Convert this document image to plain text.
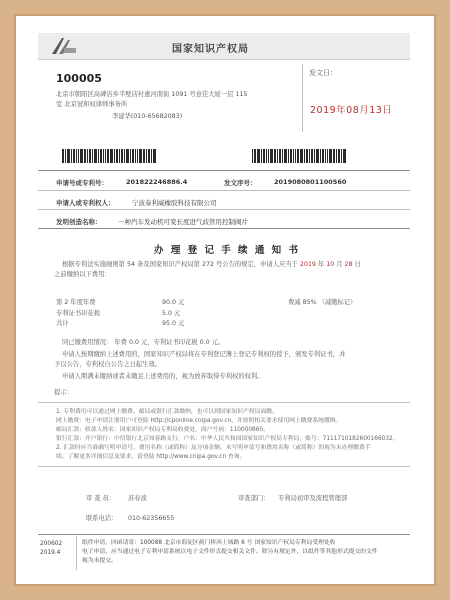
国家知识产权局
100005
北京市朝阳区高碑店乡半壁店村惠河南街 1091 号意佳大厦一层 115
室 北京冠和权律师事务所
李建华(010-65682083)
发文日：
2019年08月13日
申请号或专利号：	201822246886.4	发文序号：	2019080801100560
申请人或专利权人：	宁波泰利威橡胶科技有限公司
发明创造名称：	一种汽车发动机可变长度进气歧管用控制阀片
办 理 登 记 手 续 通 知 书
根据专利法实施细则第 54 条及国家知识产权局第 272 号公告的规定，申请人应当于 2019 年 10 月 28 日
之前缴纳以下费用：
第 2 年度年费	90.0 元	费减 85% （减缴标记）
专利证书印花税	5.0 元
共计	95.0 元
同已缴费用情况： 年费 0.0 元，专利证书印花税 0.0 元。
申请人按期缴纳上述费用的，国家知识产权局将在专利登记簿上登记专利权的授予，颁发专利证书，并
予以公告，专利权自公告之日起生效。
申请人期满未缴纳或者未缴足上述费用的，视为放弃取得专利权的权利。
提示：
1. 专利费用可以通过网上缴费、邮局或银行汇款缴纳，也可以到国家知识产权局面缴。
网上缴费：电子申请注册用户可登陆 http://cponline.cnipa.gov.cn，并按照相关要求使用网上缴费系统缴纳。
邮局汇款：收款人姓名：国家知识产权局专利局收费处，商户号码：110000860。
银行汇款：开户银行：中信银行北京知春路支行，户名：中华人民共和国国家知识产权局专利局，账号：7111710182600166032。
2. 汇款时应当准确写明申请号、费用名称（或简称）及分项金额。未写明申请号和费用名称（或简称）的视为未办理缴费手
续。了解更多详细信息及要求，请登陆 http://www.cnipa.gov.cn 查询。
审 查 员： 苏春波	审查部门： 专利局初审及流程管理部
联系电话： 010-62356655
200602
2019.4
纸件申请，回函请寄：100088 北京市海淀区蓟门桥西土城路 6 号 国家知识产权局专利局受理处收
电子申请，应当通过电子专利申请系统以电子文件形式提交相关文件。除另有规定外，以纸件等其他形式提交的文件
视为未提交。
